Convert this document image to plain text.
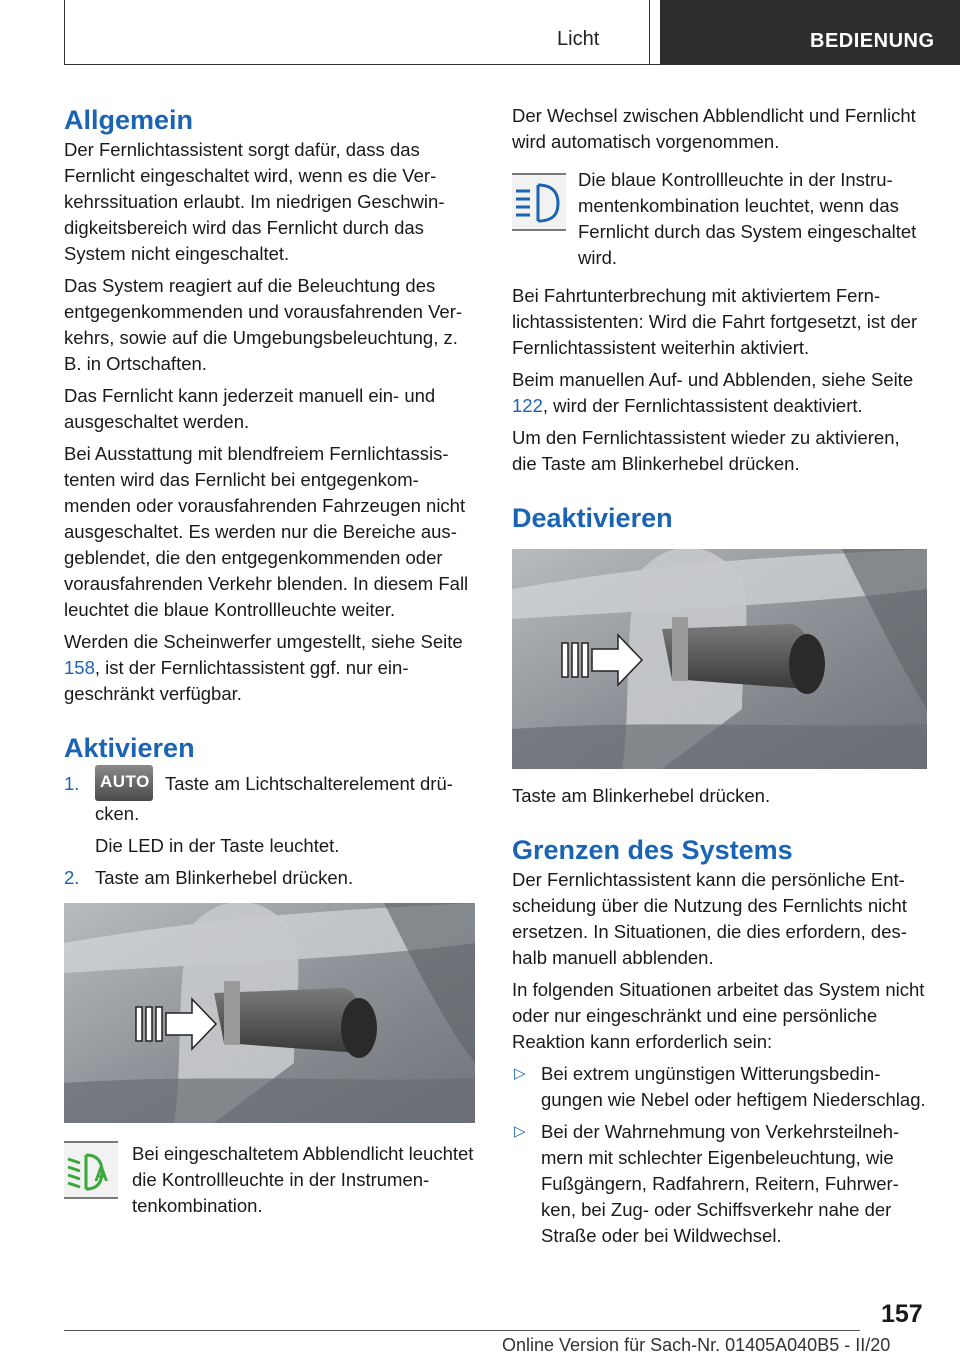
Licht	BEDIENUNG
Allgemein

Der Fernlichtassistent sorgt dafür, dass das Fernlicht eingeschaltet wird, wenn es die Verkehrssituation erlaubt. Im niedrigen Geschwindigkeitsbereich wird das Fernlicht durch das System nicht eingeschaltet.

Das System reagiert auf die Beleuchtung des entgegenkommenden und vorausfahrenden Verkehrs, sowie auf die Umgebungsbeleuchtung, z. B. in Ortschaften.

Das Fernlicht kann jederzeit manuell ein- und ausgeschaltet werden.

Bei Ausstattung mit blendfreiem Fernlichtassistenten wird das Fernlicht bei entgegenkommenden oder vorausfahrenden Fahrzeugen nicht ausgeschaltet. Es werden nur die Bereiche ausgeblendet, die den entgegenkommenden oder vorausfahrenden Verkehr blenden. In diesem Fall leuchtet die blaue Kontrollleuchte weiter.

Werden die Scheinwerfer umgestellt, siehe Seite 158, ist der Fernlichtassistent ggf. nur eingeschränkt verfügbar.

Aktivieren
1. AUTO Taste am Lichtschalterelement drücken.
Die LED in der Taste leuchtet.
2. Taste am Blinkerhebel drücken.
A

Bei eingeschaltetem Abblendlicht leuchtet die Kontrollleuchte in der Instrumentenkombination.

Der Wechsel zwischen Abblendlicht und Fernlicht wird automatisch vorgenommen.

Die blaue Kontrollleuchte in der Instrumentenkombination leuchtet, wenn das Fernlicht durch das System eingeschaltet wird.

Bei Fahrtunterbrechung mit aktiviertem Fernlichtassistenten: Wird die Fahrt fortgesetzt, ist der Fernlichtassistent weiterhin aktiviert.

Beim manuellen Auf- und Abblenden, siehe Seite 122, wird der Fernlichtassistent deaktiviert.

Um den Fernlichtassistent wieder zu aktivieren, die Taste am Blinkerhebel drücken.

Deaktivieren

Taste am Blinkerhebel drücken.

Grenzen des Systems

Der Fernlichtassistent kann die persönliche Entscheidung über die Nutzung des Fernlichts nicht ersetzen. In Situationen, die dies erfordern, deshalb manuell abblenden.

In folgenden Situationen arbeitet das System nicht oder nur eingeschränkt und eine persönliche Reaktion kann erforderlich sein:

▷ Bei extrem ungünstigen Witterungsbedingungen wie Nebel oder heftigem Niederschlag.
▷ Bei der Wahrnehmung von Verkehrsteilnehmern mit schlechter Eigenbeleuchtung, wie Fußgängern, Radfahrern, Reitern, Fuhrwerken, bei Zug- oder Schiffsverkehr nahe der Straße oder bei Wildwechsel.
157
Online Version für Sach-Nr. 01405A040B5 - II/20
